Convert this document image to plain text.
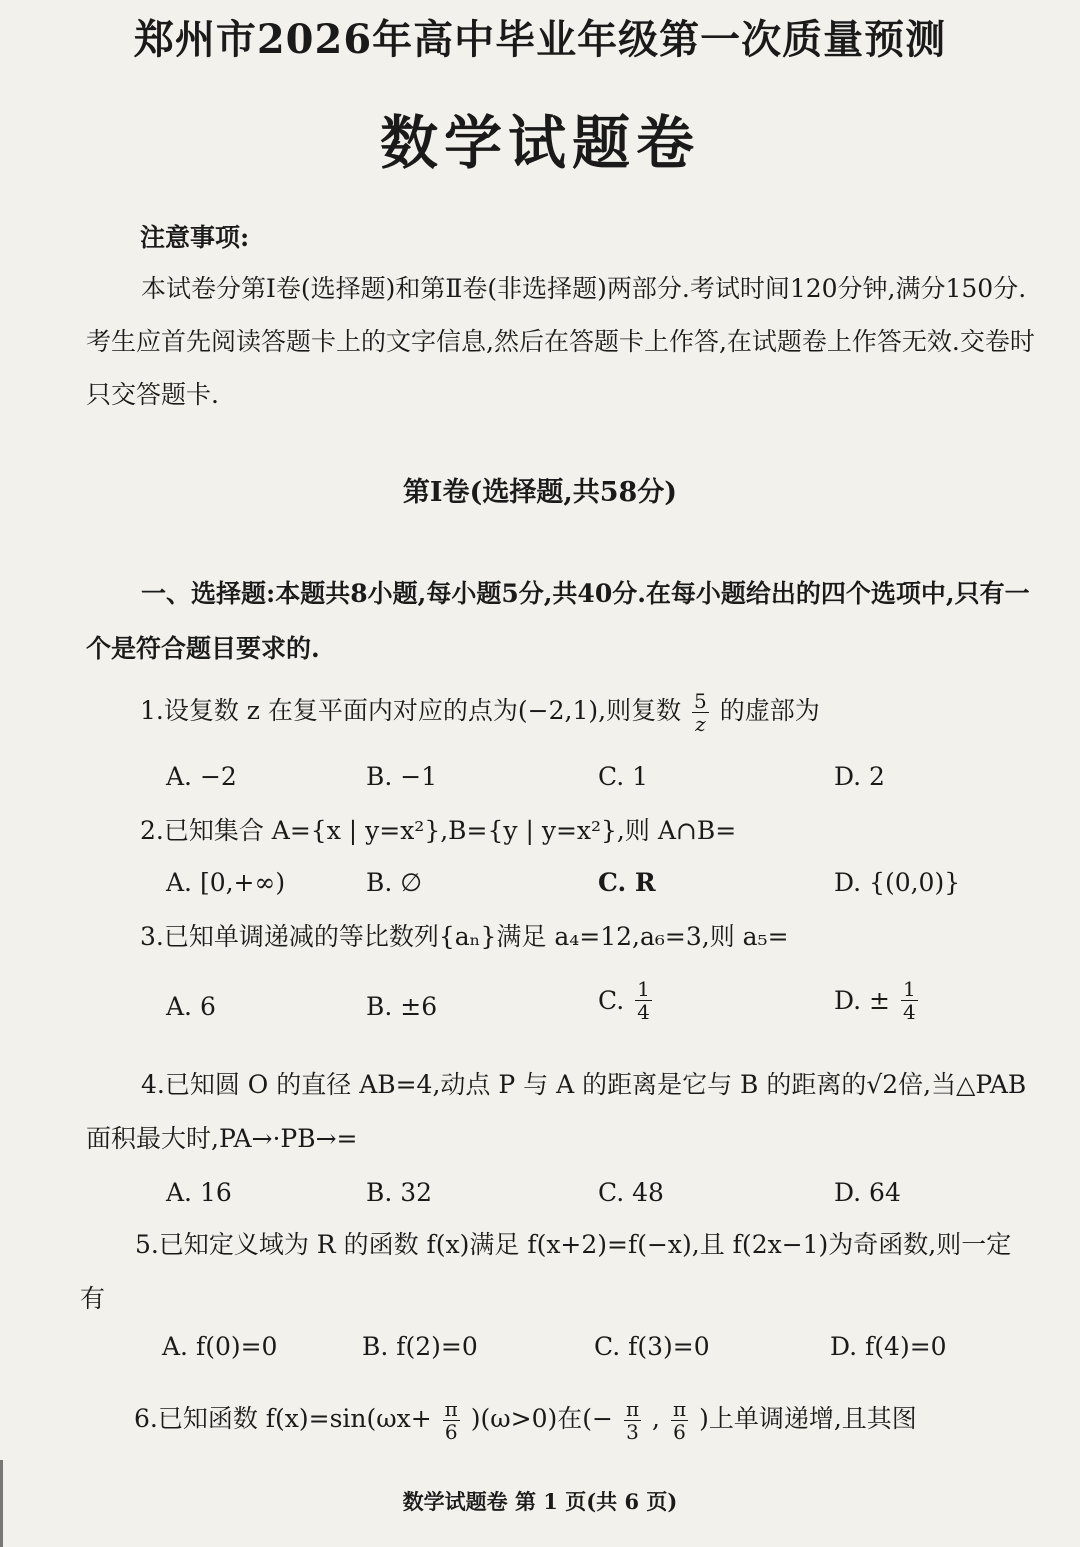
郑州市2026年高中毕业年级第一次质量预测
数学试题卷
注意事项:
本试卷分第Ⅰ卷(选择题)和第Ⅱ卷(非选择题)两部分.考试时间120分钟,满分150分.考生应首先阅读答题卡上的文字信息,然后在答题卡上作答,在试题卷上作答无效.交卷时只交答题卡.
第Ⅰ卷(选择题,共58分)
一、选择题:本题共8小题,每小题5分,共40分.在每小题给出的四个选项中,只有一个是符合题目要求的.
1.设复数 z 在复平面内对应的点为(−2,1),则复数 $\frac{5}{z}$ 的虚部为
A. −2	B. −1	C. 1	D. 2
2.已知集合 A={x | y=x²},B={y | y=x²},则 A∩B=
A. [0,+∞)	B. ∅	C. R	D. {(0,0)}
3.已知单调递减的等比数列{aₙ}满足 a₄=12,a₆=3,则 a₅=
A. 6	B. ±6	C. $\frac{1}{4}$	D. ± $\frac{1}{4}$
4.已知圆 O 的直径 AB=4,动点 P 与 A 的距离是它与 B 的距离的√2倍,当△PAB 面积最大时,PA→·PB→=
A. 16	B. 32	C. 48	D. 64
5.已知定义域为 R 的函数 f(x)满足 f(x+2)=f(−x),且 f(2x−1)为奇函数,则一定有
A. f(0)=0	B. f(2)=0	C. f(3)=0	D. f(4)=0
6.已知函数 $f(x)=\sin(\omega x+ \frac{\pi}{6} )(\omega>0)$在(− $\frac{\pi}{3}$ , $\frac{\pi}{6}$ )上单调递增,且其图
数学试题卷 第 1 页(共 6 页)
